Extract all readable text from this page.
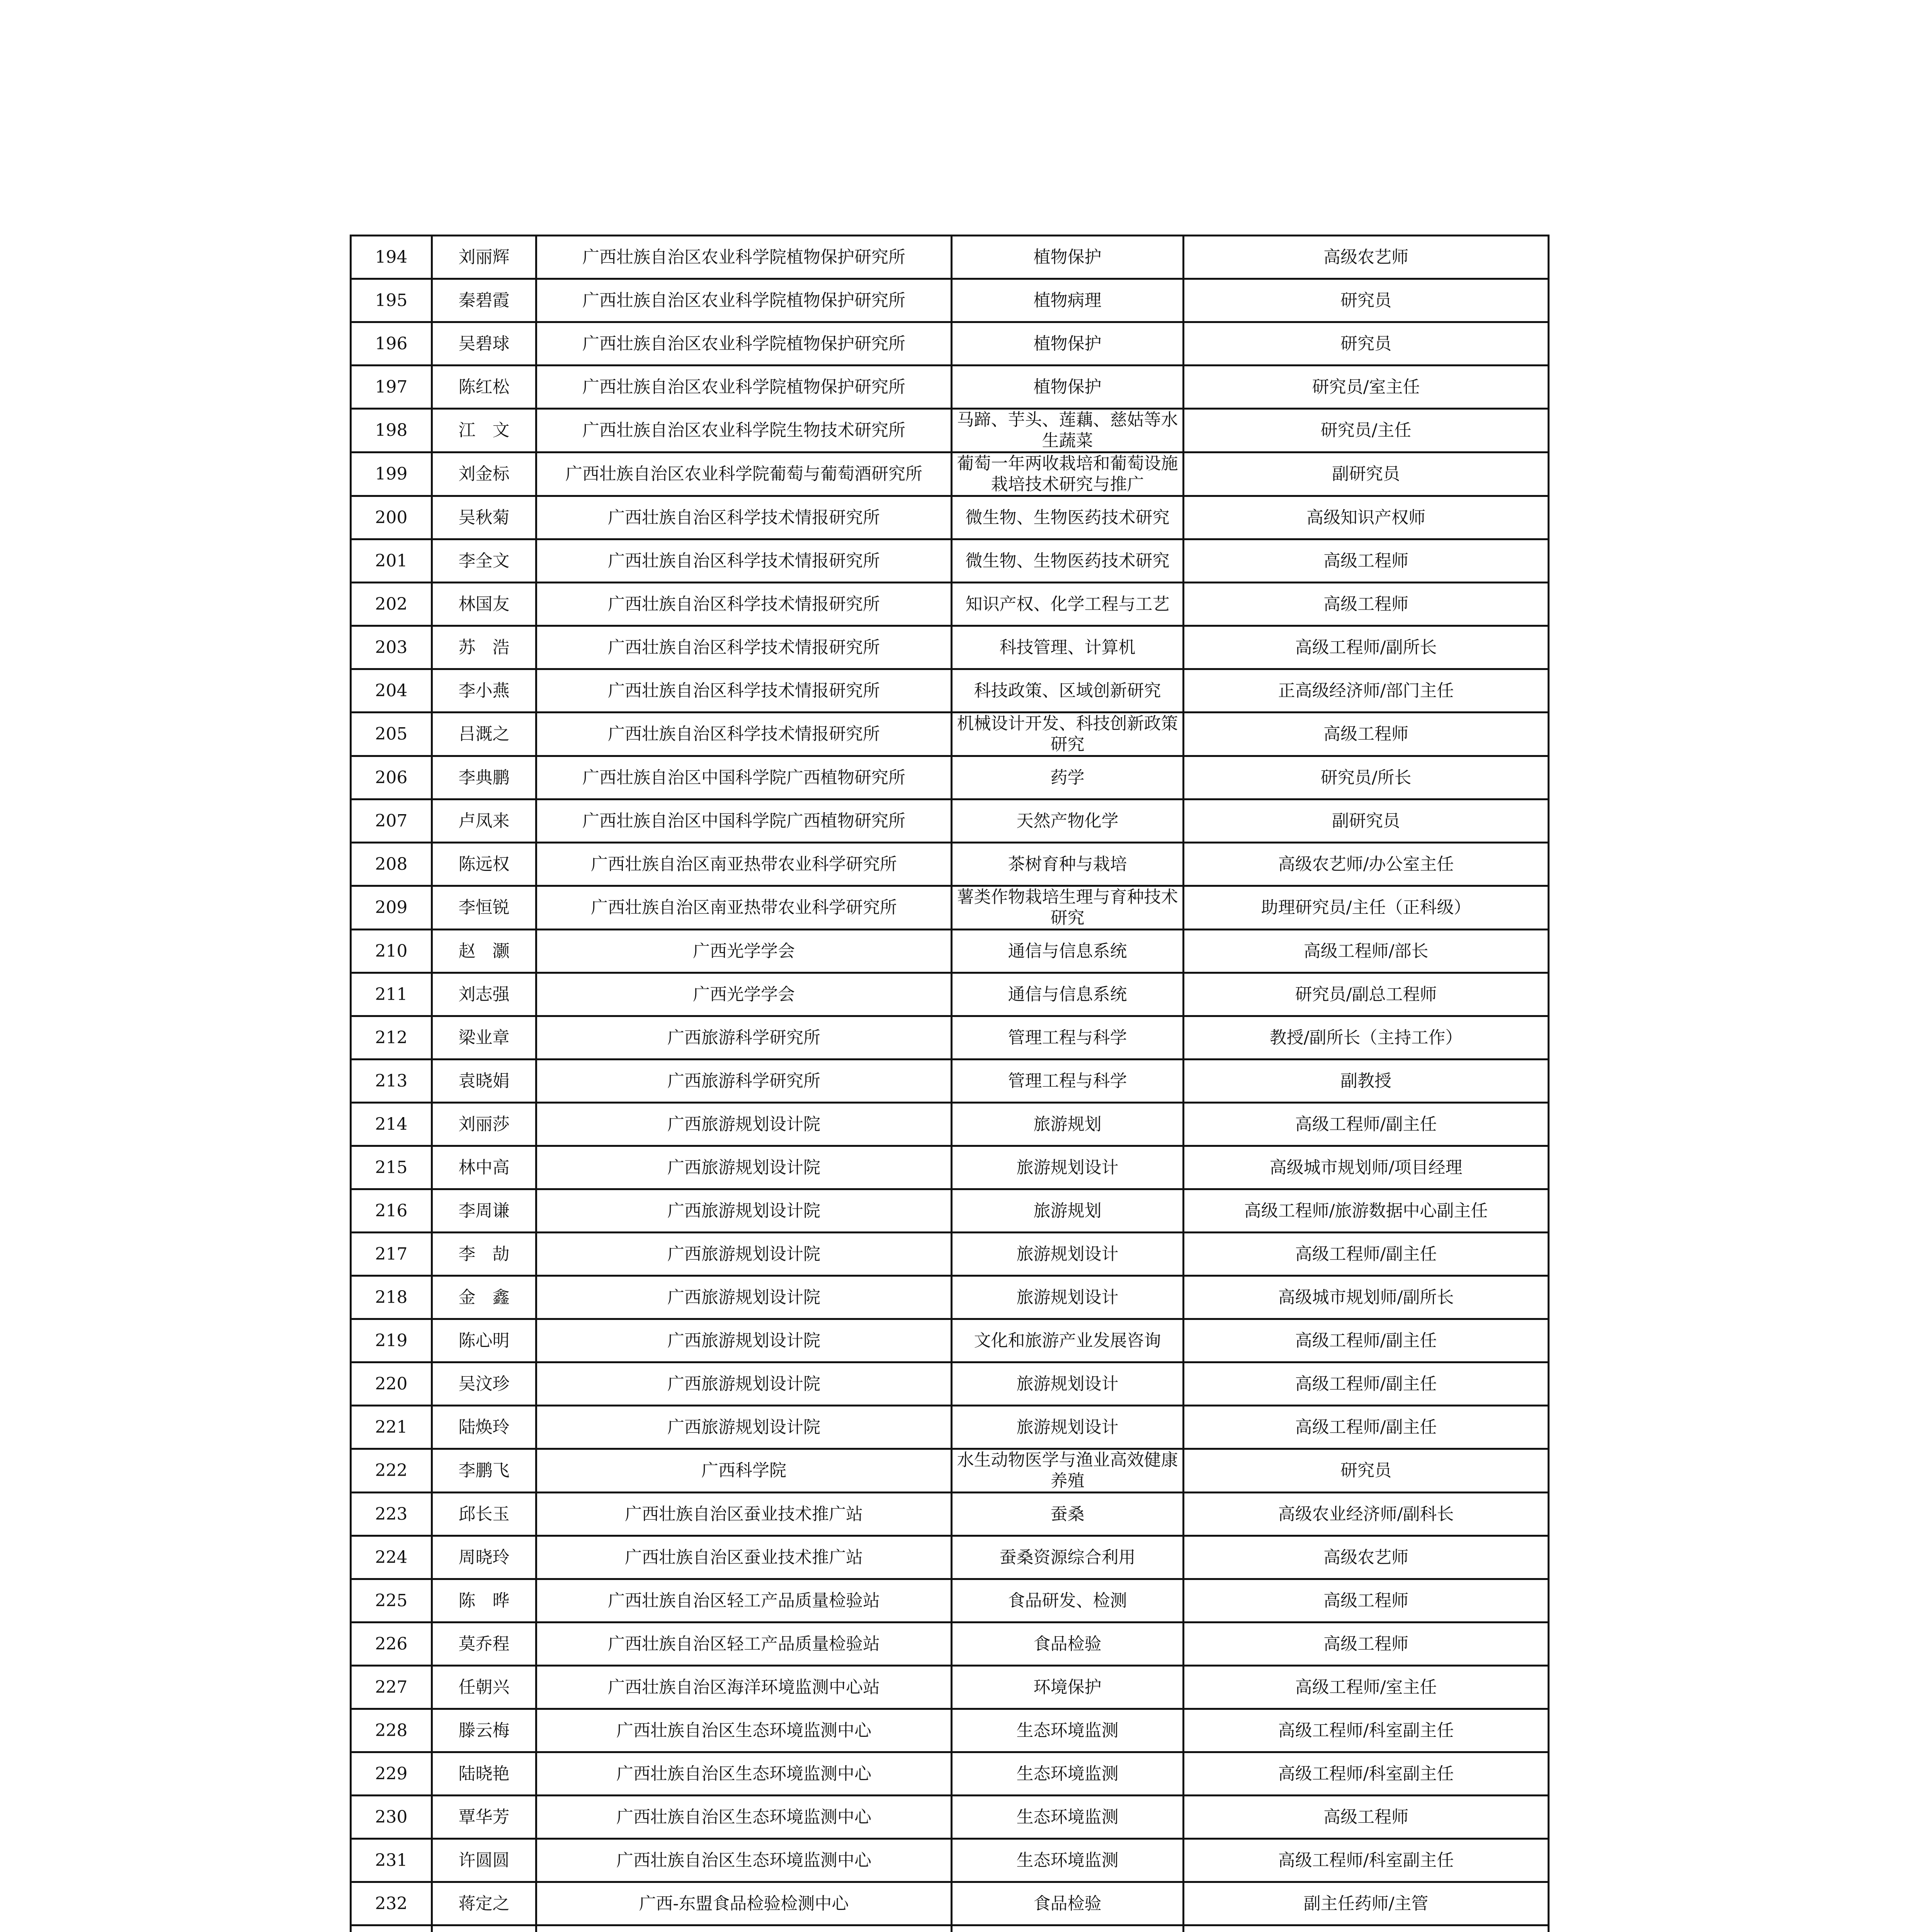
194	刘丽辉	广西壮族自治区农业科学院植物保护研究所	植物保护	高级农艺师
195	秦碧霞	广西壮族自治区农业科学院植物保护研究所	植物病理	研究员
196	吴碧球	广西壮族自治区农业科学院植物保护研究所	植物保护	研究员
197	陈红松	广西壮族自治区农业科学院植物保护研究所	植物保护	研究员/室主任
198	江　文	广西壮族自治区农业科学院生物技术研究所	马蹄、芋头、莲藕、慈姑等水生蔬菜	研究员/主任
199	刘金标	广西壮族自治区农业科学院葡萄与葡萄酒研究所	葡萄一年两收栽培和葡萄设施栽培技术研究与推广	副研究员
200	吴秋菊	广西壮族自治区科学技术情报研究所	微生物、生物医药技术研究	高级知识产权师
201	李全文	广西壮族自治区科学技术情报研究所	微生物、生物医药技术研究	高级工程师
202	林国友	广西壮族自治区科学技术情报研究所	知识产权、化学工程与工艺	高级工程师
203	苏　浩	广西壮族自治区科学技术情报研究所	科技管理、计算机	高级工程师/副所长
204	李小燕	广西壮族自治区科学技术情报研究所	科技政策、区域创新研究	正高级经济师/部门主任
205	吕溉之	广西壮族自治区科学技术情报研究所	机械设计开发、科技创新政策研究	高级工程师
206	李典鹏	广西壮族自治区中国科学院广西植物研究所	药学	研究员/所长
207	卢凤来	广西壮族自治区中国科学院广西植物研究所	天然产物化学	副研究员
208	陈远权	广西壮族自治区南亚热带农业科学研究所	茶树育种与栽培	高级农艺师/办公室主任
209	李恒锐	广西壮族自治区南亚热带农业科学研究所	薯类作物栽培生理与育种技术研究	助理研究员/主任（正科级）
210	赵　灏	广西光学学会	通信与信息系统	高级工程师/部长
211	刘志强	广西光学学会	通信与信息系统	研究员/副总工程师
212	梁业章	广西旅游科学研究所	管理工程与科学	教授/副所长（主持工作）
213	袁晓娟	广西旅游科学研究所	管理工程与科学	副教授
214	刘丽莎	广西旅游规划设计院	旅游规划	高级工程师/副主任
215	林中高	广西旅游规划设计院	旅游规划设计	高级城市规划师/项目经理
216	李周谦	广西旅游规划设计院	旅游规划	高级工程师/旅游数据中心副主任
217	李　劼	广西旅游规划设计院	旅游规划设计	高级工程师/副主任
218	金　鑫	广西旅游规划设计院	旅游规划设计	高级城市规划师/副所长
219	陈心明	广西旅游规划设计院	文化和旅游产业发展咨询	高级工程师/副主任
220	吴汶珍	广西旅游规划设计院	旅游规划设计	高级工程师/副主任
221	陆焕玲	广西旅游规划设计院	旅游规划设计	高级工程师/副主任
222	李鹏飞	广西科学院	水生动物医学与渔业高效健康养殖	研究员
223	邱长玉	广西壮族自治区蚕业技术推广站	蚕桑	高级农业经济师/副科长
224	周晓玲	广西壮族自治区蚕业技术推广站	蚕桑资源综合利用	高级农艺师
225	陈　晔	广西壮族自治区轻工产品质量检验站	食品研发、检测	高级工程师
226	莫乔程	广西壮族自治区轻工产品质量检验站	食品检验	高级工程师
227	任朝兴	广西壮族自治区海洋环境监测中心站	环境保护	高级工程师/室主任
228	滕云梅	广西壮族自治区生态环境监测中心	生态环境监测	高级工程师/科室副主任
229	陆晓艳	广西壮族自治区生态环境监测中心	生态环境监测	高级工程师/科室副主任
230	覃华芳	广西壮族自治区生态环境监测中心	生态环境监测	高级工程师
231	许圆圆	广西壮族自治区生态环境监测中心	生态环境监测	高级工程师/科室副主任
232	蒋定之	广西-东盟食品检验检测中心	食品检验	副主任药师/主管
